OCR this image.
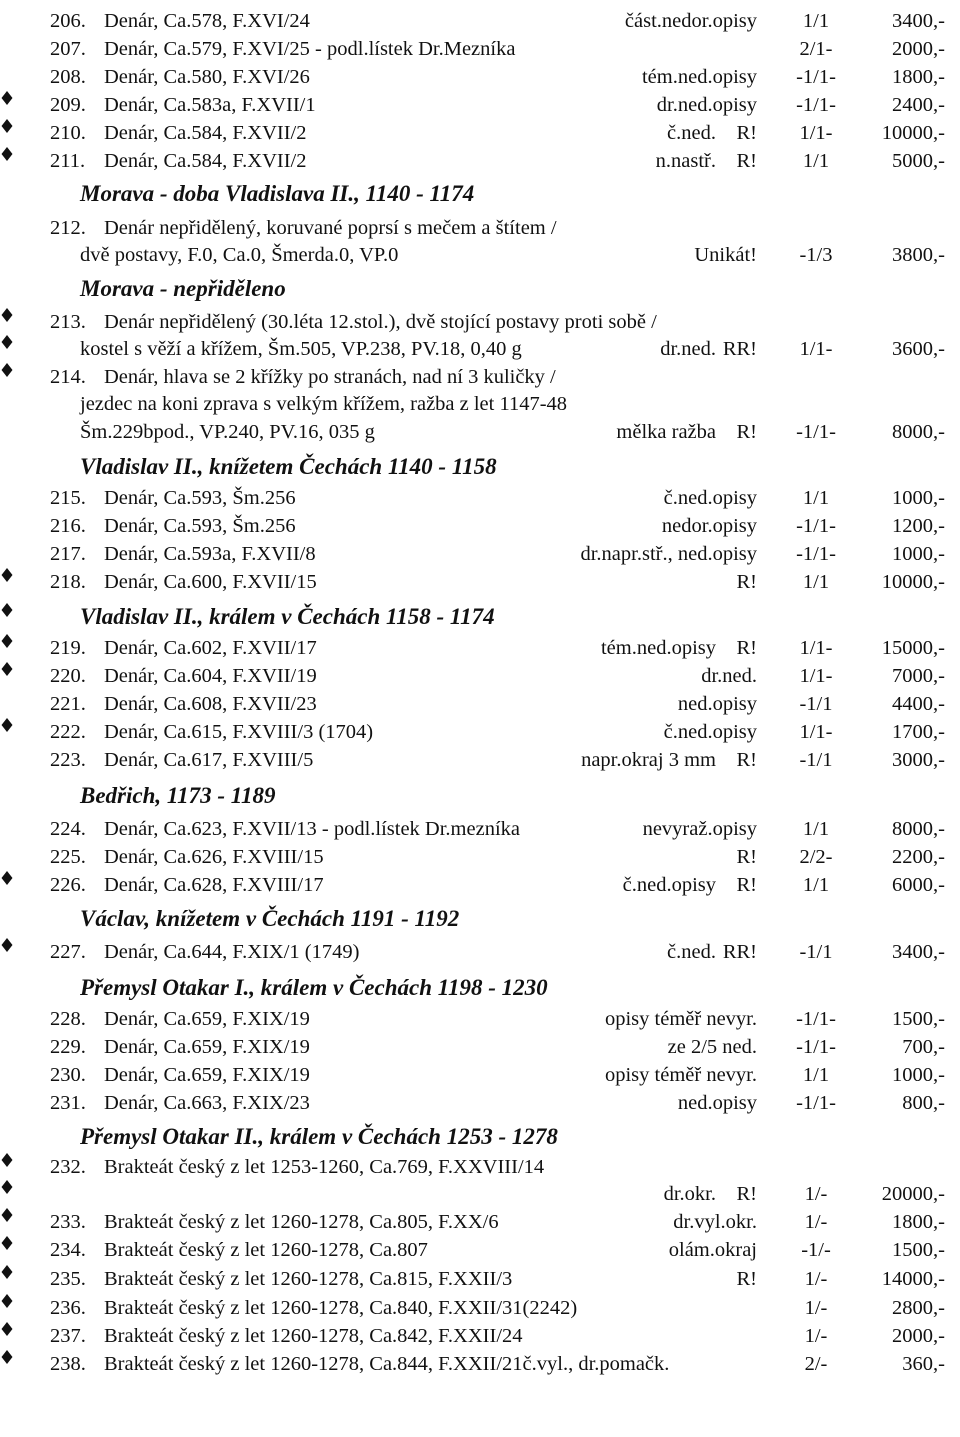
206. Denár, Ca.578, F.XVI/24	část.nedor.opisy 1/1	3400,-
207. Denár, Ca.579, F.XVI/25 - podl.lístek Dr.Mezníka	2/1-	2000,-
208. Denár, Ca.580, F.XVI/26	tém.ned.opisy -1/1-	1800,-
209. Denár, Ca.583a, F.XVII/1	dr.ned.opisy -1/1-	2400,-
210. Denár, Ca.584, F.XVII/2	č.ned. R! 1/1- 10000,-
211. Denár, Ca.584, F.XVII/2	n.nastř. R! 1/1	5000,-
Morava - doba Vladislava II., 1140 - 1174
212. Denár nepřidělený, koruvané poprsí s mečem a štítem /
dvě postavy, F.0, Ca.0, Šmerda.0, VP.0	Unikát! -1/3	3800,-
Morava - nepřiděleno
213. Denár nepřidělený (30.léta 12.stol.), dvě stojící postavy proti sobě /
kostel s věží a křížem, Šm.505, VP.238, PV.18, 0,40 g	dr.ned. RR! 1/1-	3600,-
214. Denár, hlava se 2 křížky po stranách, nad ní 3 kuličky /
jezdec na koni zprava s velkým křížem, ražba z let 1147-48
Šm.229bpod., VP.240, PV.16, 035 g	mělka ražba R! -1/1-	8000,-
Vladislav II., knížetem Čechách 1140 - 1158
215. Denár, Ca.593, Šm.256	č.ned.opisy 1/1	1000,-
216. Denár, Ca.593, Šm.256	nedor.opisy -1/1-	1200,-
217. Denár, Ca.593a, F.XVII/8	dr.napr.stř., ned.opisy -1/1-	1000,-
218. Denár, Ca.600, F.XVII/15	R! 1/1	10000,-
Vladislav II., králem v Čechách 1158 - 1174
219. Denár, Ca.602, F.XVII/17	tém.ned.opisy R! 1/1- 15000,-
220. Denár, Ca.604, F.XVII/19	dr.ned. 1/1-	7000,-
221. Denár, Ca.608, F.XVII/23	ned.opisy -1/1	4400,-
222. Denár, Ca.615, F.XVIII/3 (1704)	č.ned.opisy 1/1-	1700,-
223. Denár, Ca.617, F.XVIII/5	napr.okraj 3 mm R! -1/1	3000,-
Bedřich, 1173 - 1189
224. Denár, Ca.623, F.XVII/13 - podl.lístek Dr.mezníka	nevyraž.opisy 1/1	8000,-
225. Denár, Ca.626, F.XVIII/15	R! 2/2-	2200,-
226. Denár, Ca.628, F.XVIII/17	č.ned.opisy R! 1/1	6000,-
Václav, knížetem v Čechách 1191 - 1192
227. Denár, Ca.644, F.XIX/1 (1749)	č.ned. RR! -1/1	3400,-
Přemysl Otakar I., králem v Čechách 1198 - 1230
228. Denár, Ca.659, F.XIX/19	opisy téměř nevyr. -1/1-	1500,-
229. Denár, Ca.659, F.XIX/19	ze 2/5 ned. -1/1-	700,-
230. Denár, Ca.659, F.XIX/19	opisy téměř nevyr. 1/1	1000,-
231. Denár, Ca.663, F.XIX/23	ned.opisy -1/1-	800,-
Přemysl Otakar II., králem v Čechách 1253 - 1278
232. Brakteát český z let 1253-1260, Ca.769, F.XXVIII/14
dr.okr. R! 1/-	20000,-
233. Brakteát český z let 1260-1278, Ca.805, F.XX/6	dr.vyl.okr. 1/-	1800,-
234. Brakteát český z let 1260-1278, Ca.807	olám.okraj -1/-	1500,-
235. Brakteát český z let 1260-1278, Ca.815, F.XXII/3	R! 1/-	14000,-
236. Brakteát český z let 1260-1278, Ca.840, F.XXII/31(2242)	1/-	2800,-
237. Brakteát český z let 1260-1278, Ca.842, F.XXII/24	1/-	2000,-
238. Brakteát český z let 1260-1278, Ca.844, F.XXII/21č.vyl., dr.pomačk.	2/-	360,-
